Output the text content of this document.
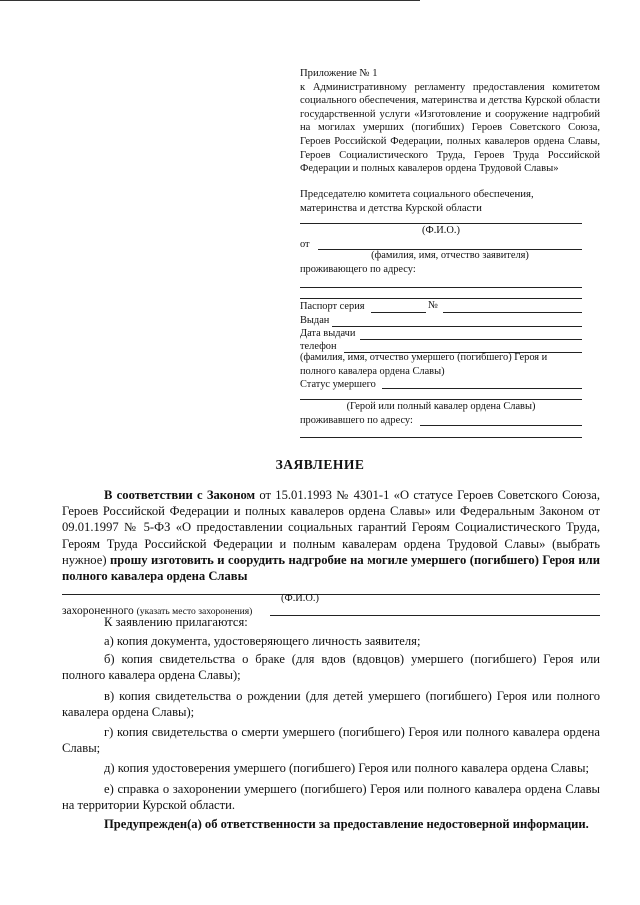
Приложение № 1
к Административному регламенту предоставления комитетом социального обеспечения, материнства и детства Курской области государственной услуги «Изготовление и сооружение надгробий на могилах умерших (погибших) Героев Советского Союза, Героев Российской Федерации, полных кавалеров ордена Славы, Героев Социалистического Труда, Героев Труда Российской Федерации и полных кавалеров ордена Трудовой Славы»
Председателю комитета социального обеспечения,
материнства и детства Курской области
(Ф.И.О.)
от
(фамилия, имя, отчество заявителя)
проживающего по адресу:
Паспорт серия	№
Выдан
Дата выдачи
телефон
(фамилия, имя, отчество умершего (погибшего) Героя и полного кавалера ордена Славы)
Статус умершего
(Герой или полный кавалер ордена Славы)
проживавшего по адресу:
ЗАЯВЛЕНИЕ
В соответствии с Законом от 15.01.1993 № 4301-1 «О статусе Героев Советского Союза, Героев Российской Федерации и полных кавалеров ордена Славы» или Федеральным Законом от 09.01.1997 № 5-ФЗ «О предоставлении социальных гарантий Героям Социалистического Труда, Героям Труда Российской Федерации и полным кавалерам ордена Трудовой Славы» (выбрать нужное) прошу изготовить и соорудить надгробие на могиле умершего (погибшего) Героя или полного кавалера ордена Славы
(Ф.И.О.)
захороненного (указать место захоронения)
К заявлению прилагаются:

а) копия документа, удостоверяющего личность заявителя;

б) копия свидетельства о браке (для вдов (вдовцов) умершего (погибшего) Героя или полного кавалера ордена Славы);

в) копия свидетельства о рождении (для детей умершего (погибшего) Героя или полного кавалера ордена Славы);

г) копия свидетельства о смерти умершего (погибшего) Героя или полного кавалера ордена Славы;

д) копия удостоверения умершего (погибшего) Героя или полного кавалера ордена Славы;

е) справка о захоронении умершего (погибшего) Героя или полного кавалера ордена Славы на территории Курской области.

Предупрежден(а) об ответственности за предоставление недостоверной информации.
